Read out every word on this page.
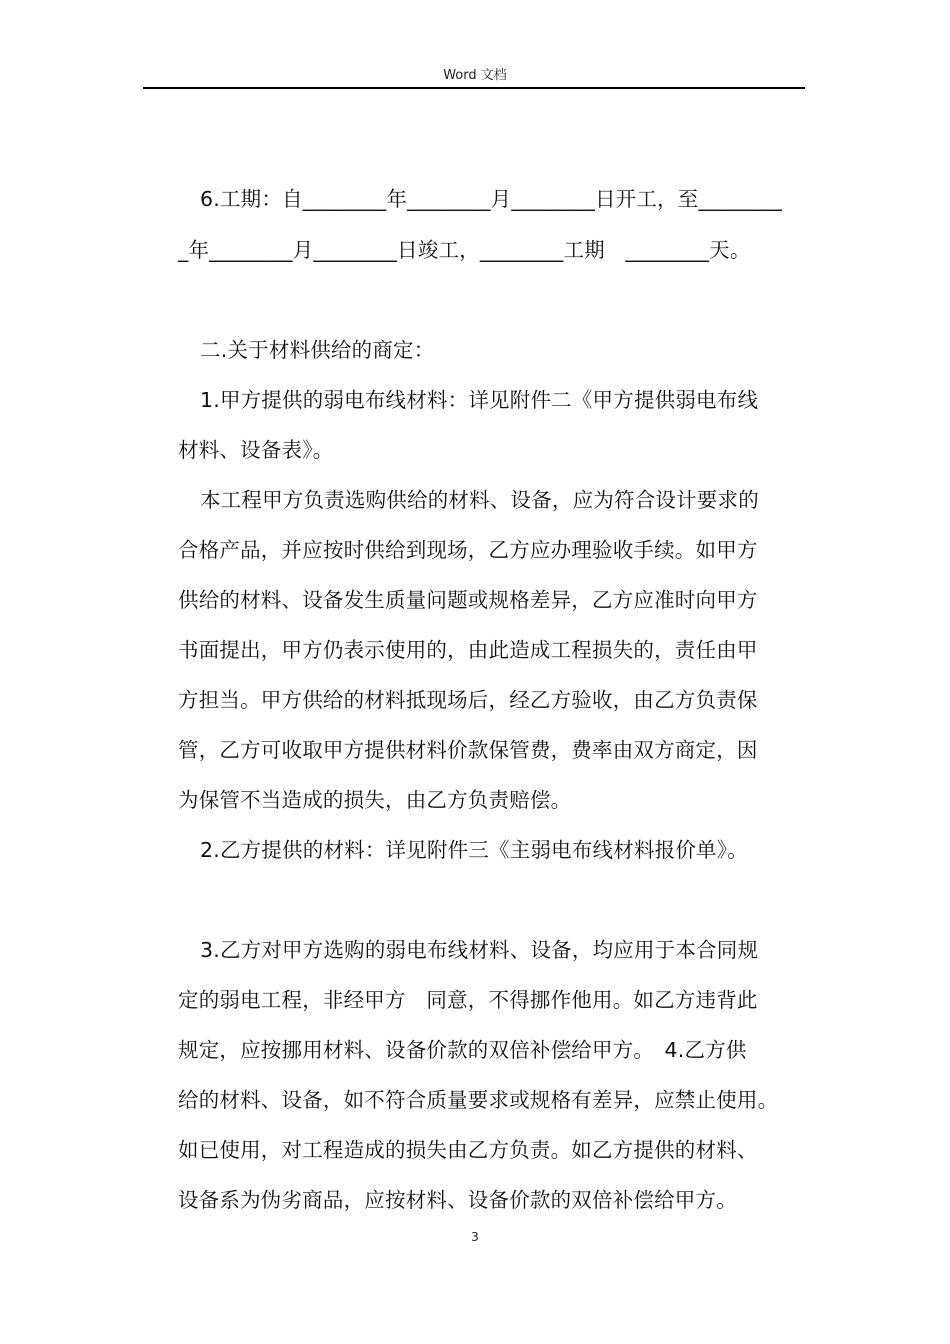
Word 文档
6.工期：自________年________月________日开工，至________
_年________月________日竣工，________工期　________天。
二.关于材料供给的商定：
1.甲方提供的弱电布线材料：详见附件二《甲方提供弱电布线
材料、设备表》。
本工程甲方负责选购供给的材料、设备，应为符合设计要求的
合格产品，并应按时供给到现场，乙方应办理验收手续。如甲方
供给的材料、设备发生质量问题或规格差异，乙方应准时向甲方
书面提出，甲方仍表示使用的，由此造成工程损失的，责任由甲
方担当。甲方供给的材料抵现场后，经乙方验收，由乙方负责保
管，乙方可收取甲方提供材料价款保管费，费率由双方商定，因
为保管不当造成的损失，由乙方负责赔偿。
2.乙方提供的材料：详见附件三《主弱电布线材料报价单》。
3.乙方对甲方选购的弱电布线材料、设备，均应用于本合同规
定的弱电工程，非经甲方　同意，不得挪作他用。如乙方违背此
规定，应按挪用材料、设备价款的双倍补偿给甲方。　4.乙方供
给的材料、设备，如不符合质量要求或规格有差异，应禁止使用。
如已使用，对工程造成的损失由乙方负责。如乙方提供的材料、
设备系为伪劣商品，应按材料、设备价款的双倍补偿给甲方。
3
